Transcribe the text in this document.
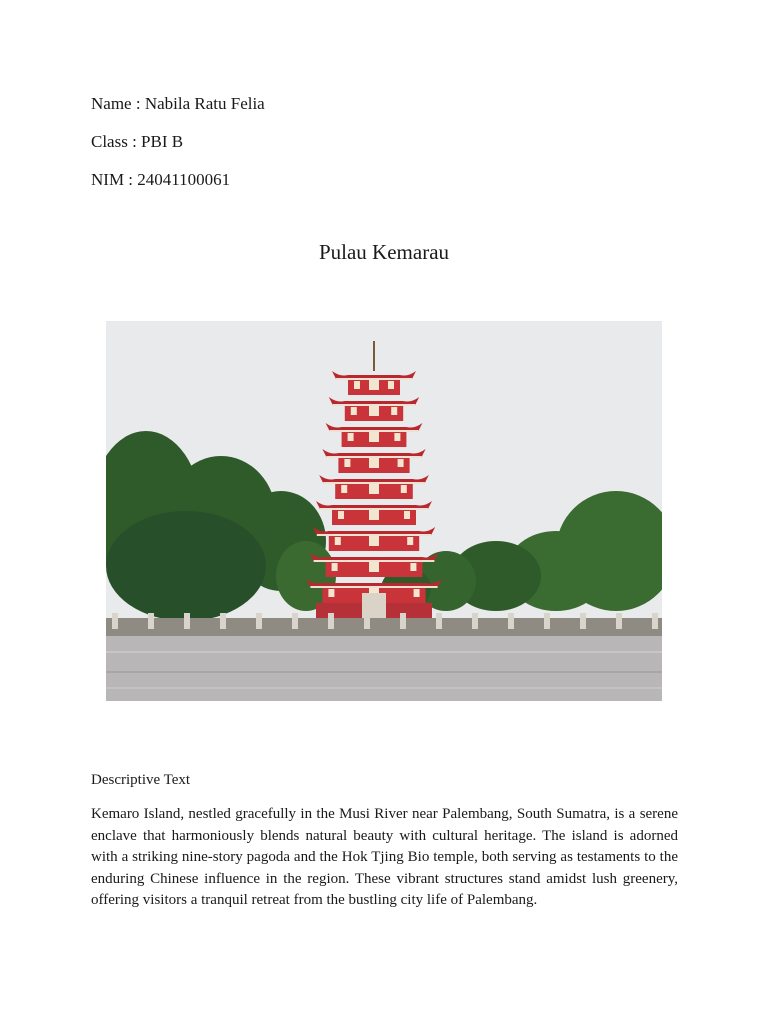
Name : Nabila Ratu Felia
Class : PBI B
NIM : 24041100061
Pulau Kemarau
Descriptive Text

Kemaro Island, nestled gracefully in the Musi River near Palembang, South Sumatra, is a serene enclave that harmoniously blends natural beauty with cultural heritage. The island is adorned with a striking nine-story pagoda and the Hok Tjing Bio temple, both serving as testaments to the enduring Chinese influence in the region. These vibrant structures stand amidst lush greenery, offering visitors a tranquil retreat from the bustling city life of Palembang.
